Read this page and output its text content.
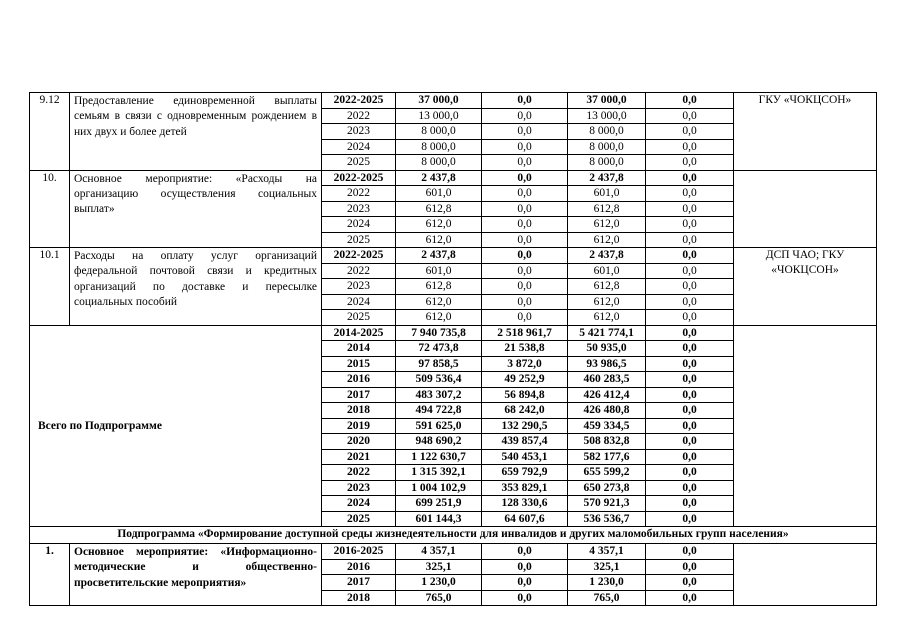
9.12	Предоставление единовременной выплаты семьям в связи с одновременным рождением в них двух и более детей	2022-2025	37 000,0	0,0	37 000,0	0,0	ГКУ «ЧОКЦСОН»
		2022	13 000,0	0,0	13 000,0	0,0	
		2023	8 000,0	0,0	8 000,0	0,0	
		2024	8 000,0	0,0	8 000,0	0,0	
		2025	8 000,0	0,0	8 000,0	0,0	
10.	Основное мероприятие: «Расходы на организацию осуществления социальных выплат»	2022-2025	2 437,8	0,0	2 437,8	0,0	
		2022	601,0	0,0	601,0	0,0	
		2023	612,8	0,0	612,8	0,0	
		2024	612,0	0,0	612,0	0,0	
		2025	612,0	0,0	612,0	0,0	
10.1	Расходы на оплату услуг организаций федеральной почтовой связи и кредитных организаций по доставке и пересылке социальных пособий	2022-2025	2 437,8	0,0	2 437,8	0,0	ДСП ЧАО; ГКУ «ЧОКЦСОН»
		2022	601,0	0,0	601,0	0,0	
		2023	612,8	0,0	612,8	0,0	
		2024	612,0	0,0	612,0	0,0	
		2025	612,0	0,0	612,0	0,0	
Всего по Подпрограмме		2014-2025	7 940 735,8	2 518 961,7	5 421 774,1	0,0	
		2014	72 473,8	21 538,8	50 935,0	0,0	
		2015	97 858,5	3 872,0	93 986,5	0,0	
		2016	509 536,4	49 252,9	460 283,5	0,0	
		2017	483 307,2	56 894,8	426 412,4	0,0	
		2018	494 722,8	68 242,0	426 480,8	0,0	
		2019	591 625,0	132 290,5	459 334,5	0,0	
		2020	948 690,2	439 857,4	508 832,8	0,0	
		2021	1 122 630,7	540 453,1	582 177,6	0,0	
		2022	1 315 392,1	659 792,9	655 599,2	0,0	
		2023	1 004 102,9	353 829,1	650 273,8	0,0	
		2024	699 251,9	128 330,6	570 921,3	0,0	
		2025	601 144,3	64 607,6	536 536,7	0,0	
Подпрограмма «Формирование доступной среды жизнедеятельности для инвалидов и других маломобильных групп населения»							
1.	Основное мероприятие: «Информационно-методические и общественно-просветительские мероприятия»	2016-2025	4 357,1	0,0	4 357,1	0,0	
		2016	325,1	0,0	325,1	0,0	
		2017	1 230,0	0,0	1 230,0	0,0	
		2018	765,0	0,0	765,0	0,0	
